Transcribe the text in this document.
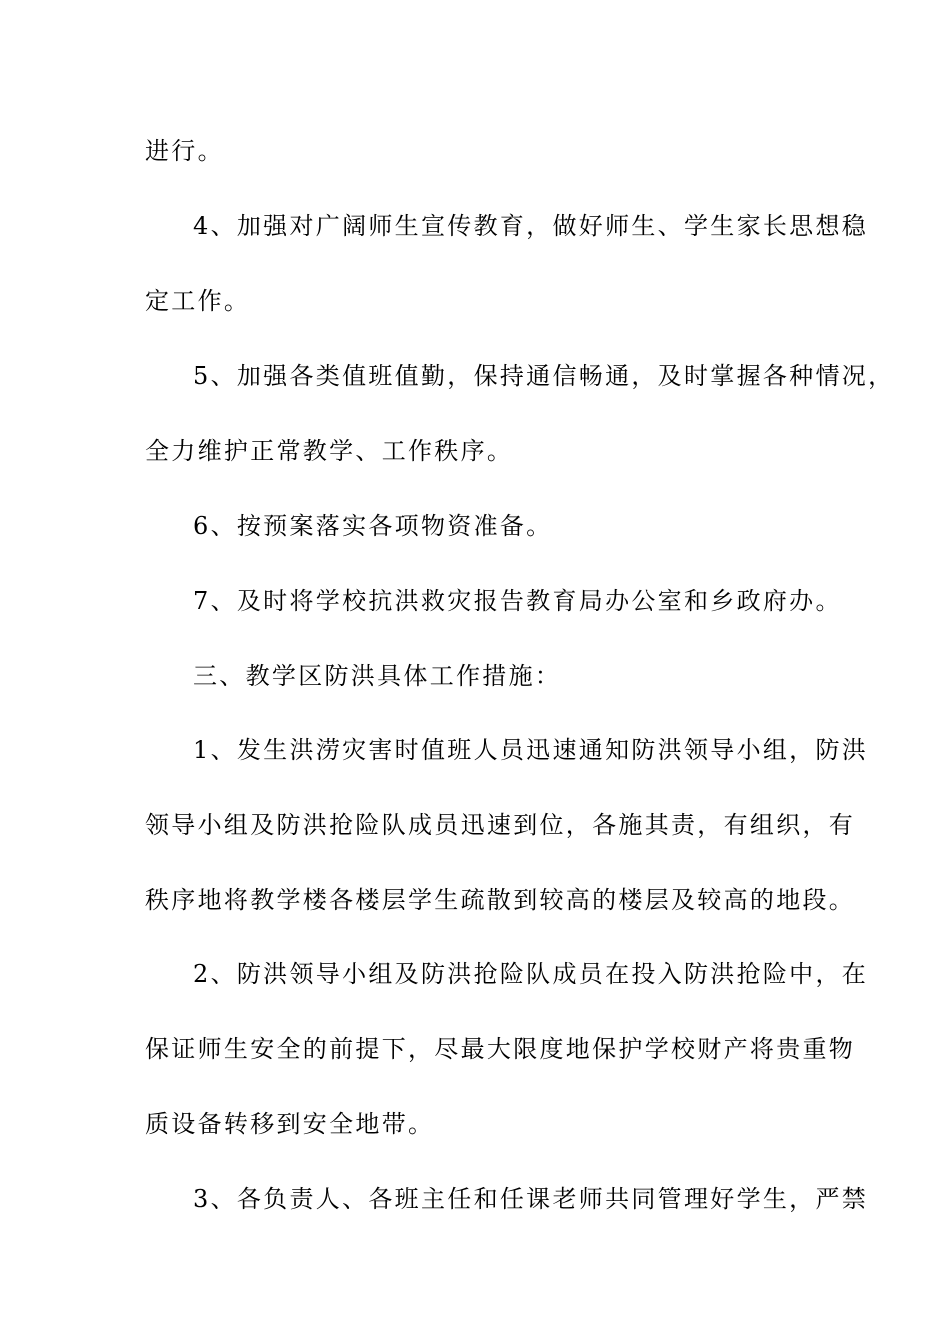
进行。
4、加强对广阔师生宣传教育，做好师生、学生家长思想稳
定工作。
5、加强各类值班值勤，保持通信畅通，及时掌握各种情况，
全力维护正常教学、工作秩序。
6、按预案落实各项物资准备。
7、及时将学校抗洪救灾报告教育局办公室和乡政府办。
三、教学区防洪具体工作措施：
1、发生洪涝灾害时值班人员迅速通知防洪领导小组，防洪
领导小组及防洪抢险队成员迅速到位，各施其责，有组织，有
秩序地将教学楼各楼层学生疏散到较高的楼层及较高的地段。
2、防洪领导小组及防洪抢险队成员在投入防洪抢险中，在
保证师生安全的前提下，尽最大限度地保护学校财产将贵重物
质设备转移到安全地带。
3、各负责人、各班主任和任课老师共同管理好学生，严禁
